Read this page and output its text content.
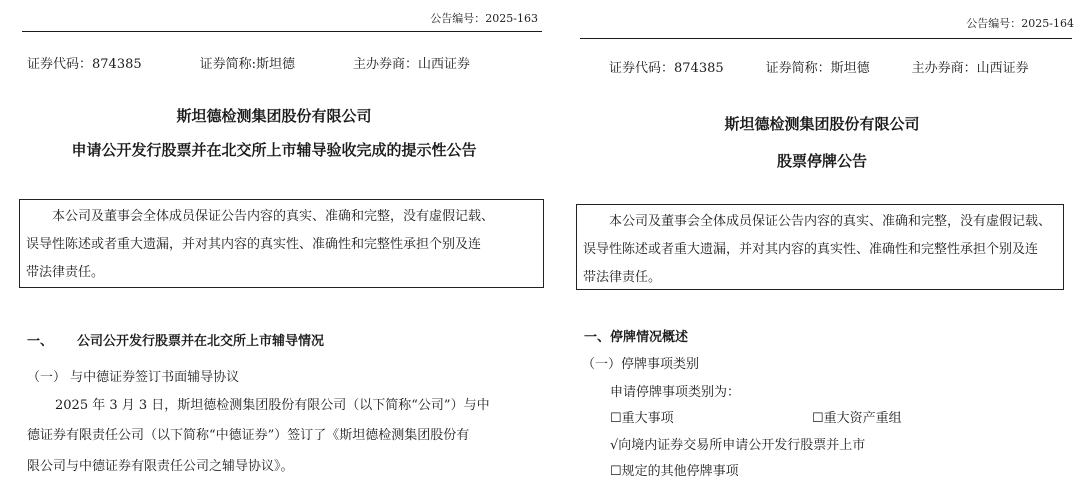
公告编号：2025-163
证券代码：874385	证券简称:斯坦德	主办券商：山西证券
斯坦德检测集团股份有限公司
申请公开发行股票并在北交所上市辅导验收完成的提示性公告

本公司及董事会全体成员保证公告内容的真实、准确和完整，没有虚假记载、

误导性陈述或者重大遗漏，并对其内容的真实性、准确性和完整性承担个别及连

带法律责任。

一、 公司公开发行股票并在北交所上市辅导情况
（一） 与中德证券签订书面辅导协议
2025 年 3 月 3 日，斯坦德检测集团股份有限公司（以下简称“公司”）与中
德证券有限责任公司（以下简称“中德证券”）签订了《斯坦德检测集团股份有
限公司与中德证券有限责任公司之辅导协议》。
公告编号：2025-164
证券代码：874385	证券简称：斯坦德	主办券商：山西证券
斯坦德检测集团股份有限公司
股票停牌公告

本公司及董事会全体成员保证公告内容的真实、准确和完整，没有虚假记载、

误导性陈述或者重大遗漏，并对其内容的真实性、准确性和完整性承担个别及连

带法律责任。

一、停牌情况概述
（一）停牌事项类别
申请停牌事项类别为：
☐重大事项	☐重大资产重组
√向境内证券交易所申请公开发行股票并上市
☐规定的其他停牌事项
